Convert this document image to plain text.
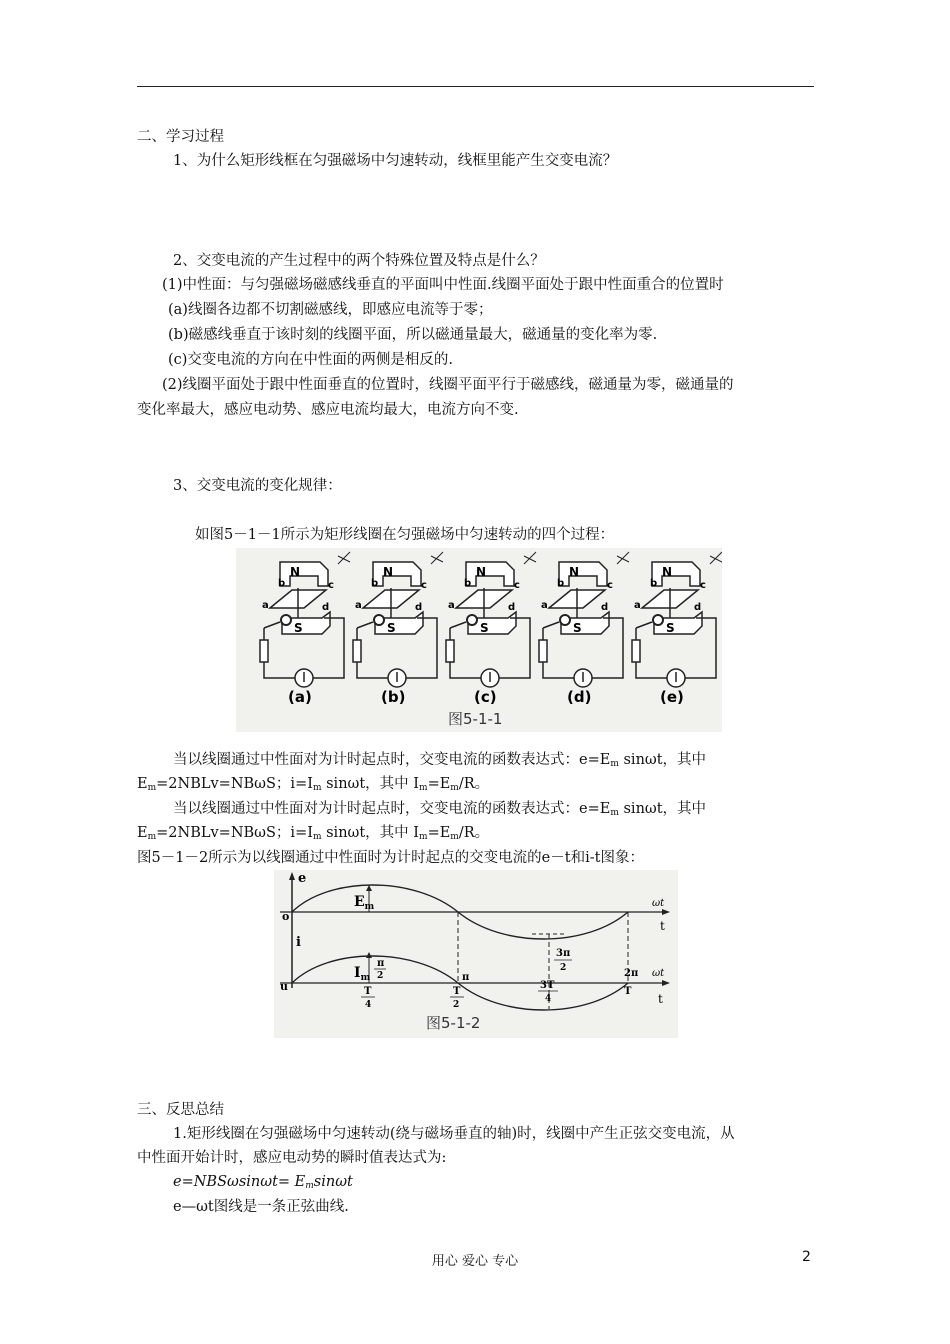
二、学习过程
1、为什么矩形线框在匀强磁场中匀速转动，线框里能产生交变电流？
2、交变电流的产生过程中的两个特殊位置及特点是什么？
(1)中性面：与匀强磁场磁感线垂直的平面叫中性面.线圈平面处于跟中性面重合的位置时
(a)线圈各边都不切割磁感线，即感应电流等于零；
(b)磁感线垂直于该时刻的线圈平面，所以磁通量最大，磁通量的变化率为零.
(c)交变电流的方向在中性面的两侧是相反的.
(2)线圈平面处于跟中性面垂直的位置时，线圈平面平行于磁感线，磁通量为零，磁通量的
变化率最大，感应电动势、感应电流均最大，电流方向不变.
3、交变电流的变化规律：
如图5－1－1所示为矩形线圈在匀强磁场中匀速转动的四个过程：
N
S
a
b	c
d
(a)
N
S
a
b	c
d
(b)
N
S
a
b	c
d
(c)
N
S
a
b	c
d
(d)
N
S
a
b	c
d
(e)
图5-1-1
当以线圈通过中性面对为计时起点时，交变电流的函数表达式：$e=E_m$ sinωt，其中
$E_m=2NBLv=NB\omega S$；$i=I_m$ sinωt，其中 $I_m=E_m/R$。
当以线圈通过中性面对为计时起点时，交变电流的函数表达式：$e=E_m$ sinωt，其中
$E_m=2NBLv=NB\omega S$；$i=I_m$ sinωt，其中 $I_m=E_m/R$。
图5－1－2所示为以线圈通过中性面时为计时起点的交变电流的e－t和i-t图象：
e
i
o
u
$E_m$
$I_m$
ωt
t
ωt
t
π
2
T
4
π
T
2
3π
2
3T
4
2π
T
图5-1-2
三、反思总结
1.矩形线圈在匀强磁场中匀速转动(绕与磁场垂直的轴)时，线圈中产生正弦交变电流，从
中性面开始计时，感应电动势的瞬时值表达式为:
$e=NBS\omega\sin\omega t= E_m\sin\omega t$
e—ωt图线是一条正弦曲线.
用心 爱心 专心	2
